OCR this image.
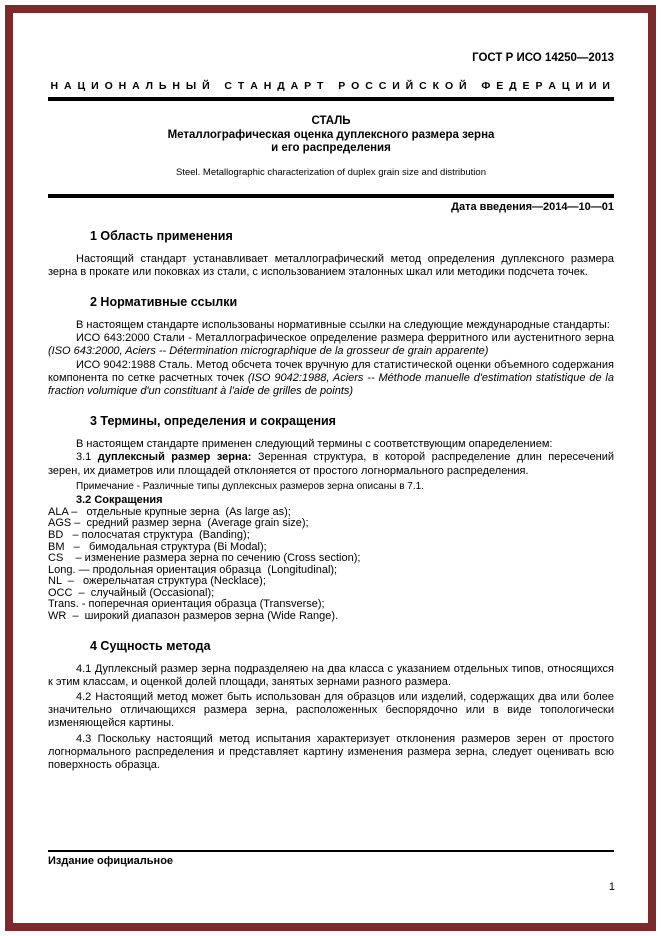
ГОСТ Р ИСО 14250—2013
Н А Ц И О Н А Л Ь Н Ы Й   С Т А Н Д А Р Т   Р О С С И Й С К О Й   Ф Е Д Е Р А Ц И И И
СТАЛЬ
Металлографическая оценка дуплексного размера зерна
и его распределения
Steel. Metallographic characterization of duplex grain size and distribution
Дата введения—2014—10—01
1 Область применения

Настоящий стандарт устанавливает металлографический метод определения дуплексного размера зерна в прокате или поковках из стали, с использованием эталонных шкал или методики подсчета точек.

2 Нормативные ссылки

В настоящем стандарте использованы нормативные ссылки на следующие международные стандарты:

ИСО 643:2000 Стали - Металлографическое определение размера ферритного или аустенитного зерна (ISO 643:2000, Aciers -- Détermination micrographique de la grosseur de grain apparente)

ИСО 9042:1988 Сталь. Метод обсчета точек вручную для статистической оценки объемного содержания компонента по сетке расчетных точек (ISO 9042:1988, Aciers -- Méthode manuelle d'estimation statistique de la fraction volumique d'un constituant à l'aide de grilles de points)

3 Термины, определения и сокращения

В настоящем стандарте применен следующий термины с соответствующим опаределением:

3.1 дуплексный размер зерна: Зеренная структура, в которой распределение длин пересечений зерен, их диаметров или площадей отклоняется от простого логнормального распределения.

Примечание - Различные типы дуплексных размеров зерна описаны в 7.1.
3.2 Сокращения
ALA –   отдельные крупные зерна  (As large as);
AGS –  средний размер зерна  (Average grain size);
BD   – полосчатая структура  (Banding);
BM   –   бимодальная структура (Bi Modal);
CS    – изменение размера зерна по сечению (Cross section);
Long. — продольная ориентация образца  (Longitudinal);
NL  –   ожерельчатая структура (Necklace);
OCC  –  случайный (Occasional);
Trans. - поперечная ориентация образца (Transverse);
WR  –  широкий диапазон размеров зерна (Wide Range).
4 Сущность метода

4.1 Дуплексный размер зерна подразделяею на два класса с указанием отдельных типов, относящихся к этим классам, и оценкой долей площади, занятых зернами разного размера.

4.2 Настоящий метод может быть использован для образцов или изделий, содержащих два или более значительно отличающихся размера зерна, расположенных беспорядочно или в виде топологически изменяющейся картины.

4.3 Поскольку настоящий метод испытания характеризует отклонения размеров зерен от простого логнормального распределения и представляет картину изменения размера зерна, следует оценивать всю поверхность образца.

Издание официальное
1
